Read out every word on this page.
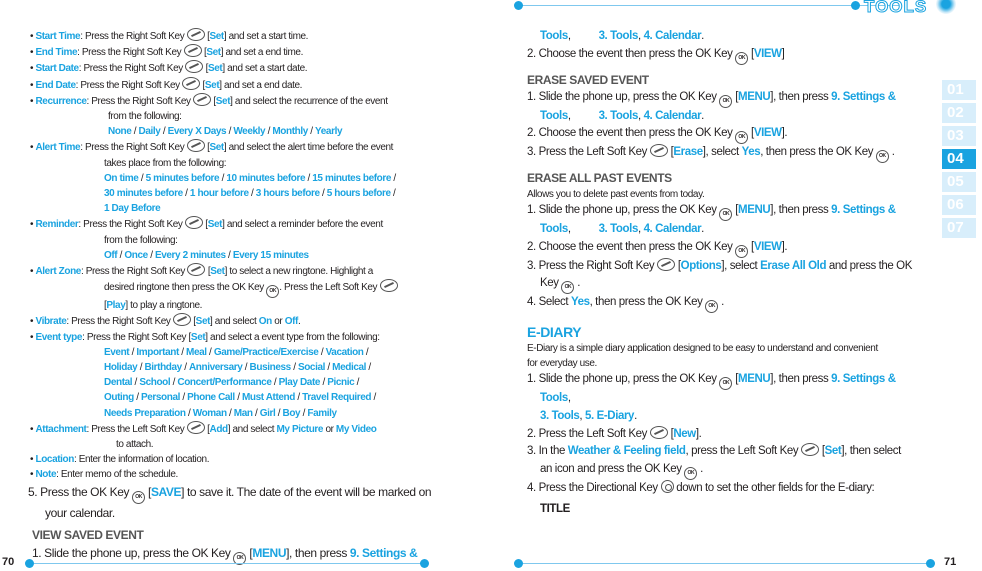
TOOLS
01
02
03
04
05
06
07
• Start Time: Press the Right Soft Key  [Set] and set a start time.
• End Time: Press the Right Soft Key  [Set] and set a end time.
• Start Date: Press the Right Soft Key  [Set] and set a start date.
• End Date: Press the Right Soft Key  [Set] and set a end date.
• Recurrence: Press the Right Soft Key  [Set] and select the recurrence of the event
from the following:
None / Daily / Every X Days / Weekly / Monthly / Yearly
• Alert Time: Press the Right Soft Key  [Set] and select the alert time before the event
takes place from the following:
On time / 5 minutes before / 10 minutes before / 15 minutes before /
30 minutes before / 1 hour before / 3 hours before / 5 hours before /
1 Day Before
• Reminder: Press the Right Soft Key  [Set] and select a reminder before the event
from the following:
Off / Once / Every 2 minutes / Every 15 minutes
• Alert Zone: Press the Right Soft Key  [Set] to select a new ringtone. Highlight a
desired ringtone then press the OK Key OK . Press the Left Soft Key
[Play] to play a ringtone.
• Vibrate: Press the Right Soft Key  [Set] and select On or Off.
• Event type: Press the Right Soft Key [Set] and select a event type from the following:
Event / Important / Meal / Game/Practice/Exercise / Vacation /
Holiday / Birthday / Anniversary / Business / Social / Medical /
Dental / School / Concert/Performance / Play Date / Picnic /
Outing / Personal / Phone Call / Must Attend / Travel Required /
Needs Preparation / Woman / Man / Girl / Boy / Family
• Attachment: Press the Left Soft Key  [Add] and select My Picture or My Video
to attach.
• Location: Enter the information of location.
• Note: Enter memo of the schedule.
5. Press the OK Key OK [SAVE] to save it. The date of the event will be marked on
your calendar.
VIEW SAVED EVENT
1. Slide the phone up, press the OK Key OK [MENU], then press 9. Settings &
Tools, 3. Tools, 4. Calendar.
2. Choose the event then press the OK Key OK [VIEW]
ERASE SAVED EVENT
1. Slide the phone up, press the OK Key OK [MENU], then press 9. Settings &
Tools, 3. Tools, 4. Calendar.
2. Choose the event then press the OK Key OK [VIEW].
3. Press the Left Soft Key  [Erase], select Yes, then press the OK Key OK .
ERASE ALL PAST EVENTS
Allows you to delete past events from today.
1. Slide the phone up, press the OK Key OK [MENU], then press 9. Settings &
Tools, 3. Tools, 4. Calendar.
2. Choose the event then press the OK Key OK [VIEW].
3. Press the Right Soft Key  [Options], select Erase All Old and press the OK
Key OK .
4. Select Yes, then press the OK Key OK .
E-DIARY
E-Diary is a simple diary application designed to be easy to understand and convenient
for everyday use.
1. Slide the phone up, press the OK Key OK [MENU], then press 9. Settings &
Tools,
3. Tools, 5. E-Diary.
2. Press the Left Soft Key  [New].
3. In the Weather & Feeling field, press the Left Soft Key  [Set], then select
an icon and press the OK Key OK .
4. Press the Directional Key  down to set the other fields for the E-diary:
TITLE
70	71
